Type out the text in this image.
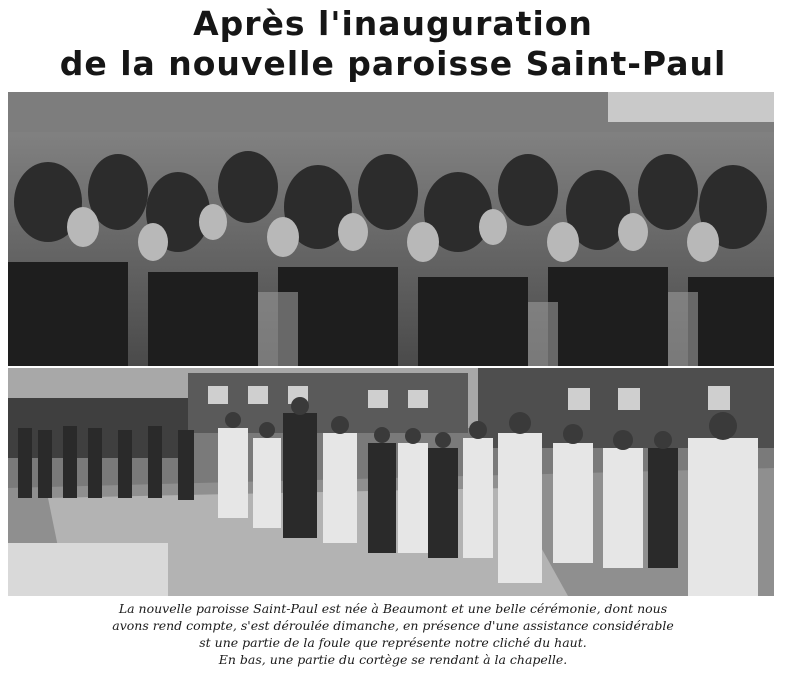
Après l'inauguration
de la nouvelle paroisse Saint-Paul
La nouvelle paroisse Saint-Paul est née à Beaumont et une belle cérémonie, dont nous
avons rend compte, s'est déroulée dimanche, en présence d'une assistance considérable
st une partie de la foule que représente notre cliché du haut.
En bas, une partie du cortège se rendant à la chapelle.
